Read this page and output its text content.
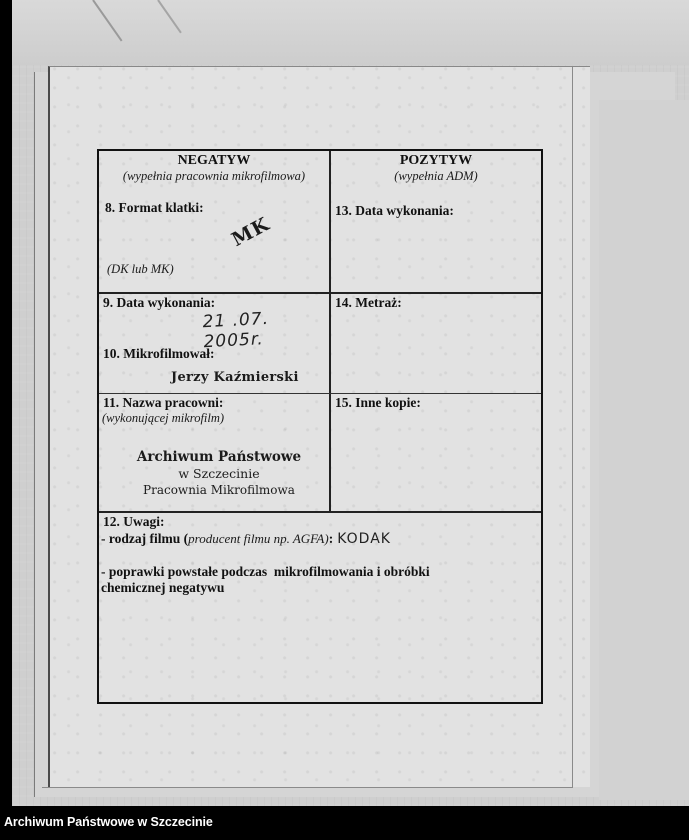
NEGATYW
(wypełnia pracownia mikrofilmowa)
8. Format klatki:
MK
(DK lub MK)
POZYTYW
(wypełnia ADM)
13. Data wykonania:
9. Data wykonania:
21 .07. 2005r.
10. Mikrofilmował:
Jerzy Kaźmierski
14. Metraż:
11. Nazwa pracowni:
(wykonującej mikrofilm)
Archiwum Państwowe
w Szczecinie
Pracownia Mikrofilmowa
15. Inne kopie:
12. Uwagi:
- rodzaj filmu (producent filmu np. AGFA): KODAK
- poprawki powstałe podczas  mikrofilmowania i obróbki
chemicznej negatywu
Archiwum Państwowe w Szczecinie
